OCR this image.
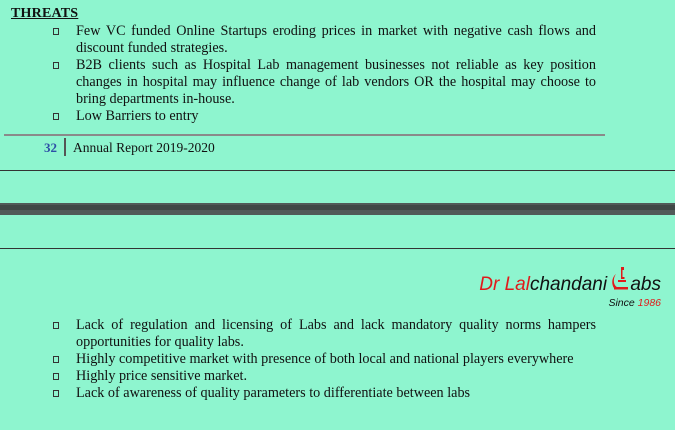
THREATS
Few VC funded Online Startups eroding prices in market with negative cash flows and discount funded strategies.
B2B clients such as Hospital Lab management businesses not reliable as key position changes in hospital may influence change of lab vendors OR the hospital may choose to bring departments in-house.
Low Barriers to entry
32 Annual Report 2019-2020
Dr Lalchandani abs
Since 1986
Lack of regulation and licensing of Labs and lack mandatory quality norms hampers opportunities for quality labs.
Highly competitive market with presence of both local and national players everywhere
Highly price sensitive market.
Lack of awareness of quality parameters to differentiate between labs
